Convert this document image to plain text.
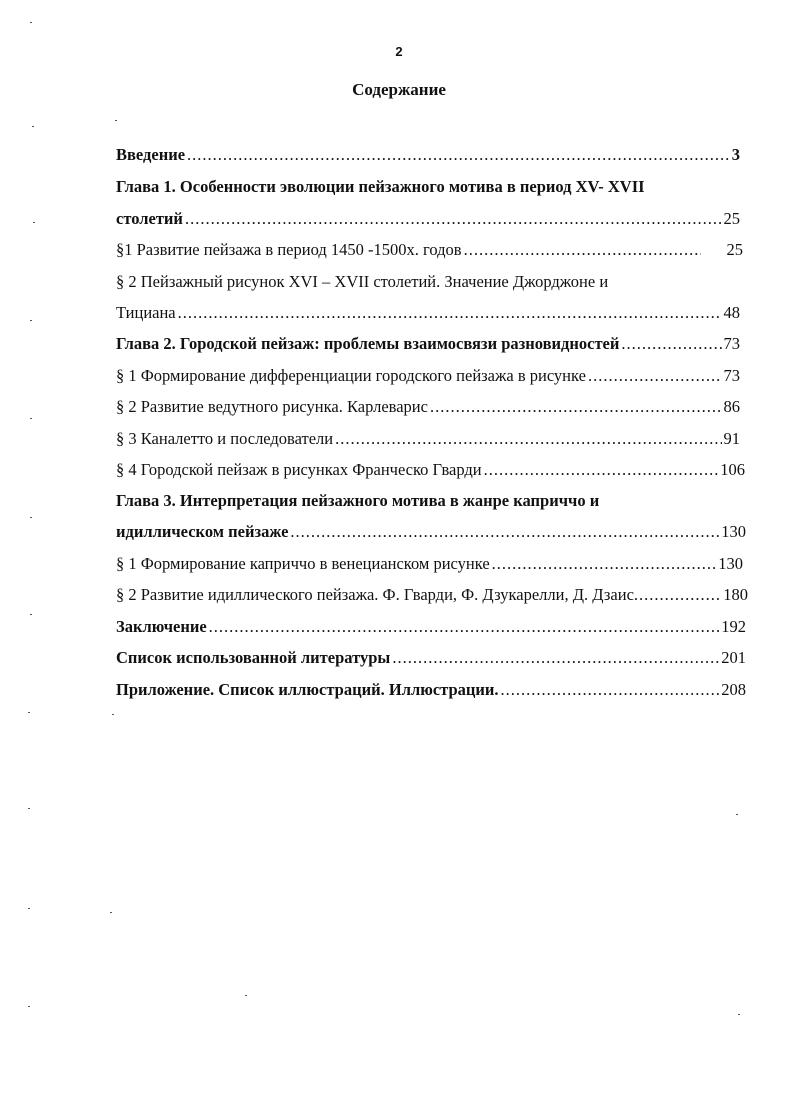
2
Содержание
Введение .....	3
Глава 1. Особенности эволюции пейзажного мотива в период XV- XVII
столетий .....	25
§1 Развитие пейзажа в период 1450 -1500х. годов .....	25
§ 2 Пейзажный рисунок XVI – XVII столетий. Значение Джорджоне и
Тициана .....	48
Глава 2. Городской пейзаж: проблемы взаимосвязи разновидностей .....	73
§ 1 Формирование дифференциации городского пейзажа в рисунке .....	73
§ 2 Развитие ведутного рисунка. Карлеварис .....	86
§ 3 Каналетто и последователи .....	91
§ 4 Городской пейзаж в рисунках Франческо Гварди .....	106
Глава 3. Интерпретация пейзажного мотива в жанре каприччо и
идиллическом пейзаже .....	130
§ 1 Формирование каприччо в венецианском рисунке .....	130
§ 2 Развитие идиллического пейзажа. Ф. Гварди, Ф. Дзукарелли, Д. Дзаис. .....	180
Заключение .....	192
Список использованной литературы .....	201
Приложение. Список иллюстраций. Иллюстрации. .....	208
